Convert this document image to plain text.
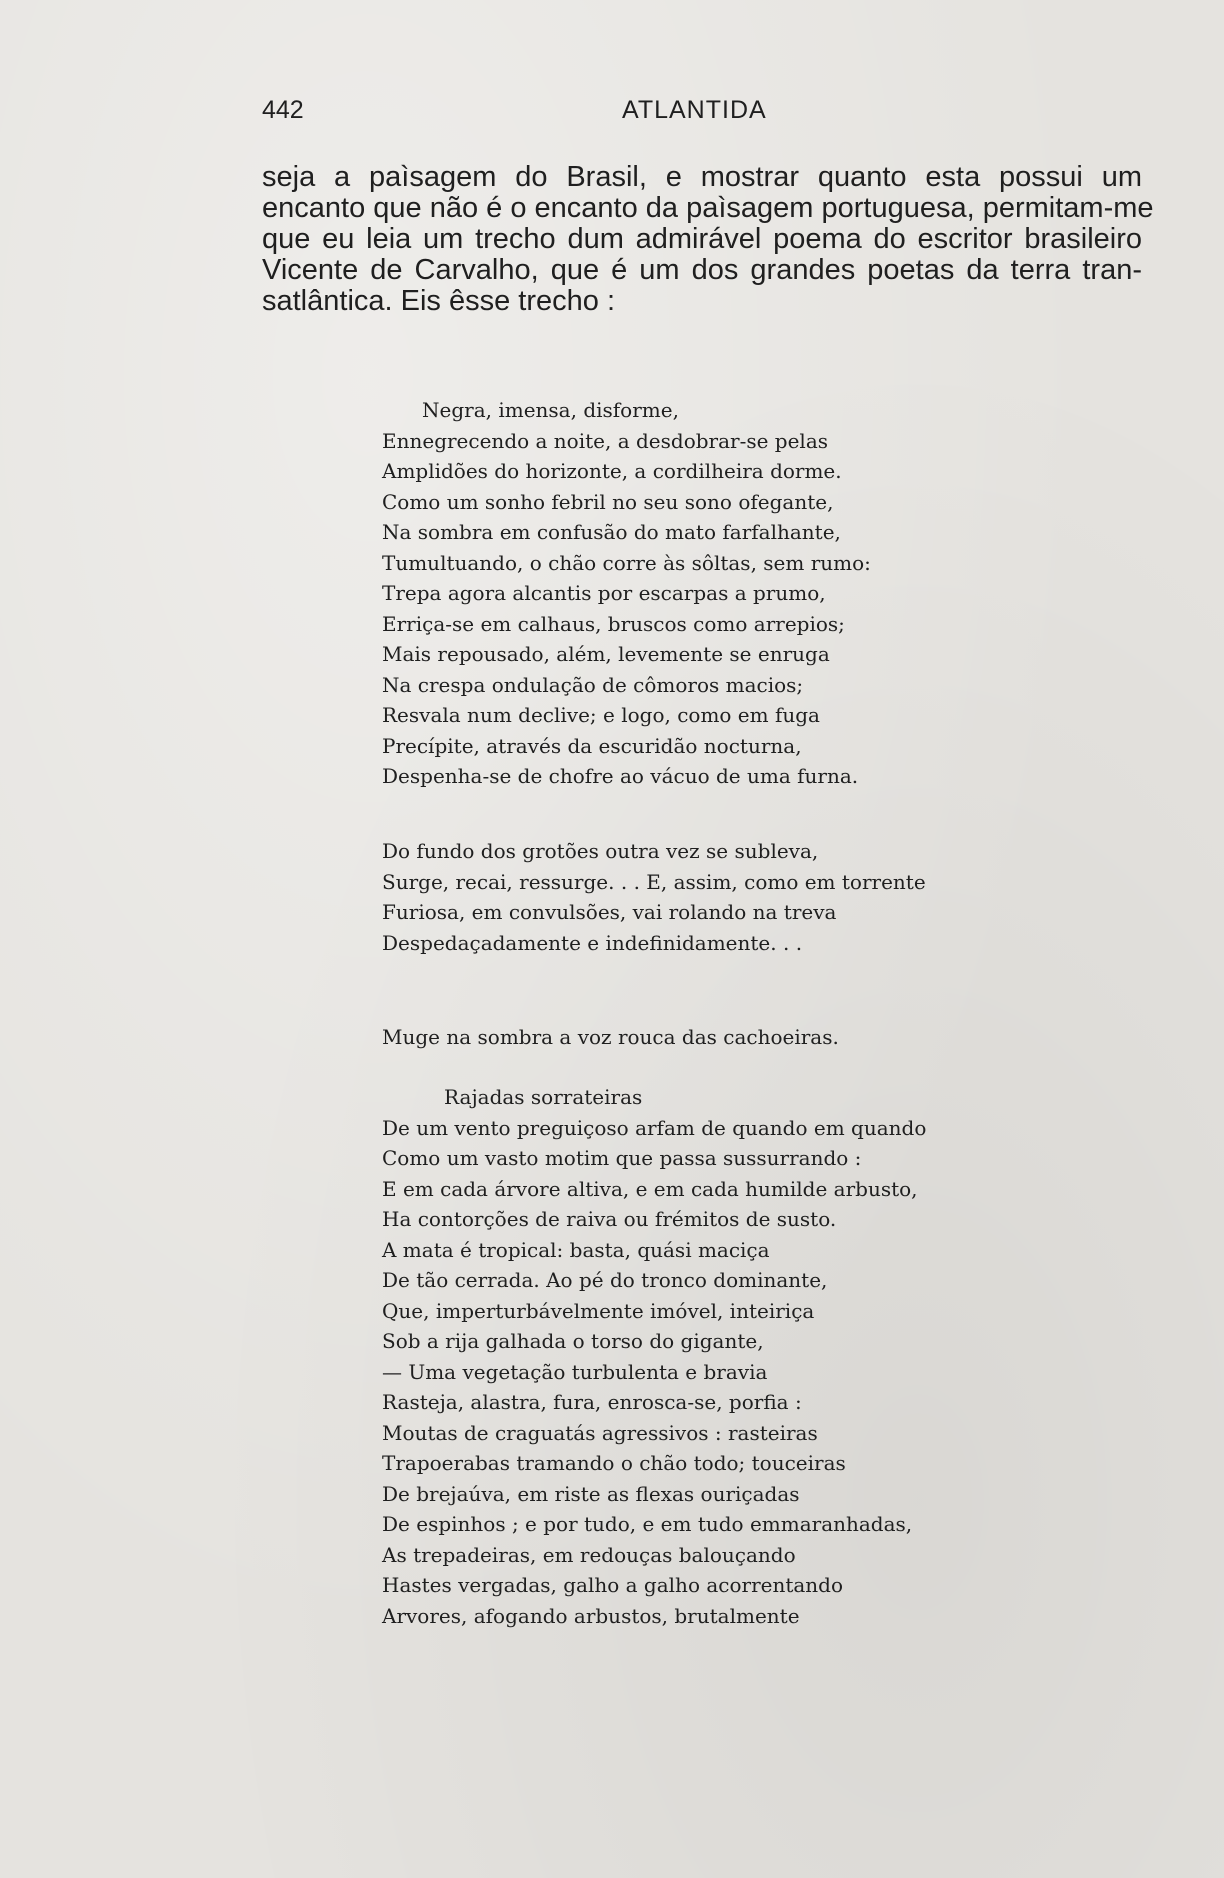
442	ATLANTIDA
seja a paìsagem do Brasil, e mostrar quanto esta possui um
encanto que não é o encanto da paìsagem portuguesa, permitam-me
que eu leia um trecho dum admirável poema do escritor brasileiro
Vicente de Carvalho, que é um dos grandes poetas da terra tran-
satlântica. Eis êsse trecho :
Negra, imensa, disforme,
Ennegrecendo a noite, a desdobrar-se pelas
Amplidões do horizonte, a cordilheira dorme.
Como um sonho febril no seu sono ofegante,
Na sombra em confusão do mato farfalhante,
Tumultuando, o chão corre às sôltas, sem rumo:
Trepa agora alcantis por escarpas a prumo,
Erriça-se em calhaus, bruscos como arrepios;
Mais repousado, além, levemente se enruga
Na crespa ondulação de cômoros macios;
Resvala num declive; e logo, como em fuga
Precípite, através da escuridão nocturna,
Despenha-se de chofre ao vácuo de uma furna.
Do fundo dos grotões outra vez se subleva,
Surge, recai, ressurge. . . E, assim, como em torrente
Furiosa, em convulsões, vai rolando na treva
Despedaçadamente e indefinidamente. . .
Muge na sombra a voz rouca das cachoeiras.
Rajadas sorrateiras
De um vento preguiçoso arfam de quando em quando
Como um vasto motim que passa sussurrando :
E em cada árvore altiva, e em cada humilde arbusto,
Ha contorções de raiva ou frémitos de susto.
A mata é tropical: basta, quási maciça
De tão cerrada. Ao pé do tronco dominante,
Que, imperturbávelmente imóvel, inteiriça
Sob a rija galhada o torso do gigante,
— Uma vegetação turbulenta e bravia
Rasteja, alastra, fura, enrosca-se, porfia :
Moutas de craguatás agressivos : rasteiras
Trapoerabas tramando o chão todo; touceiras
De brejaúva, em riste as flexas ouriçadas
De espinhos ; e por tudo, e em tudo emmaranhadas,
As trepadeiras, em redouças balouçando
Hastes vergadas, galho a galho acorrentando
Arvores, afogando arbustos, brutalmente
